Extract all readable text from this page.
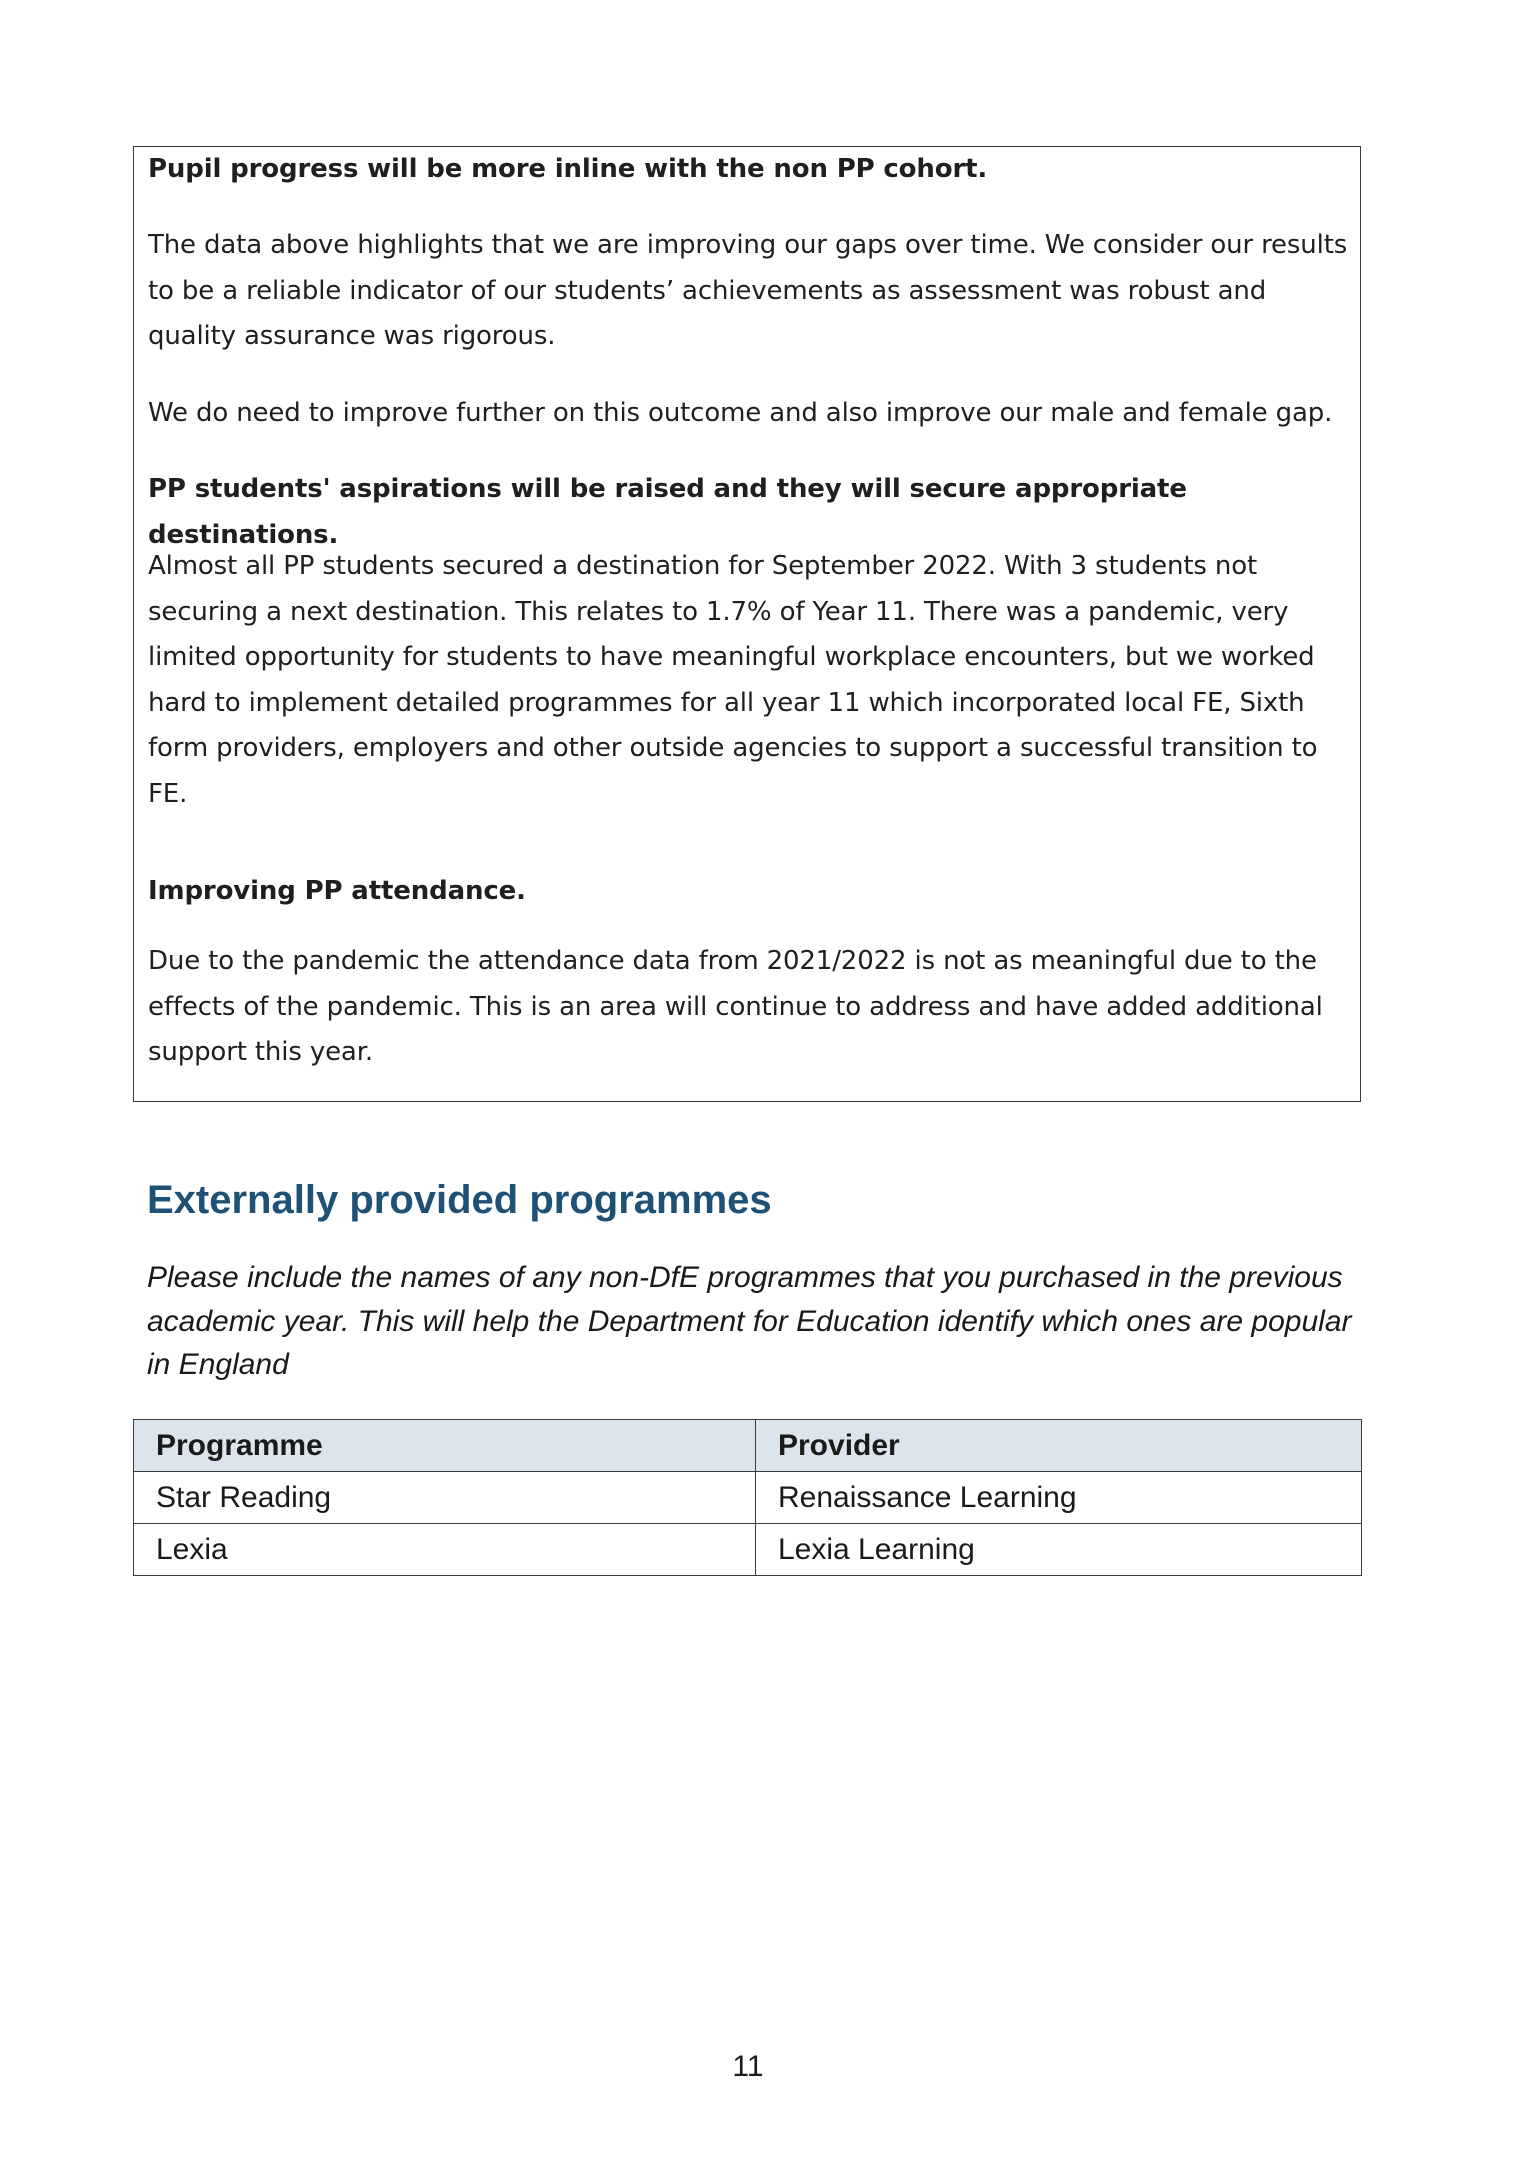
Pupil progress will be more inline with the non PP cohort.

The data above highlights that we are improving our gaps over time. We consider our results to be a reliable indicator of our students’ achievements as assessment was robust and quality assurance was rigorous.

We do need to improve further on this outcome and also improve our male and female gap.

PP students' aspirations will be raised and they will secure appropriate destinations.

Almost all PP students secured a destination for September 2022. With 3 students not securing a next destination. This relates to 1.7% of Year 11. There was a pandemic, very limited opportunity for students to have meaningful workplace encounters, but we worked hard to implement detailed programmes for all year 11 which incorporated local FE, Sixth form providers, employers and other outside agencies to support a successful transition to FE.

Improving PP attendance.

Due to the pandemic the attendance data from 2021/2022 is not as meaningful due to the effects of the pandemic. This is an area will continue to address and have added additional support this year.

Externally provided programmes

Please include the names of any non-DfE programmes that you purchased in the previous academic year. This will help the Department for Education identify which ones are popular in England

Programme	Provider
Star Reading	Renaissance Learning
Lexia	Lexia Learning
11
